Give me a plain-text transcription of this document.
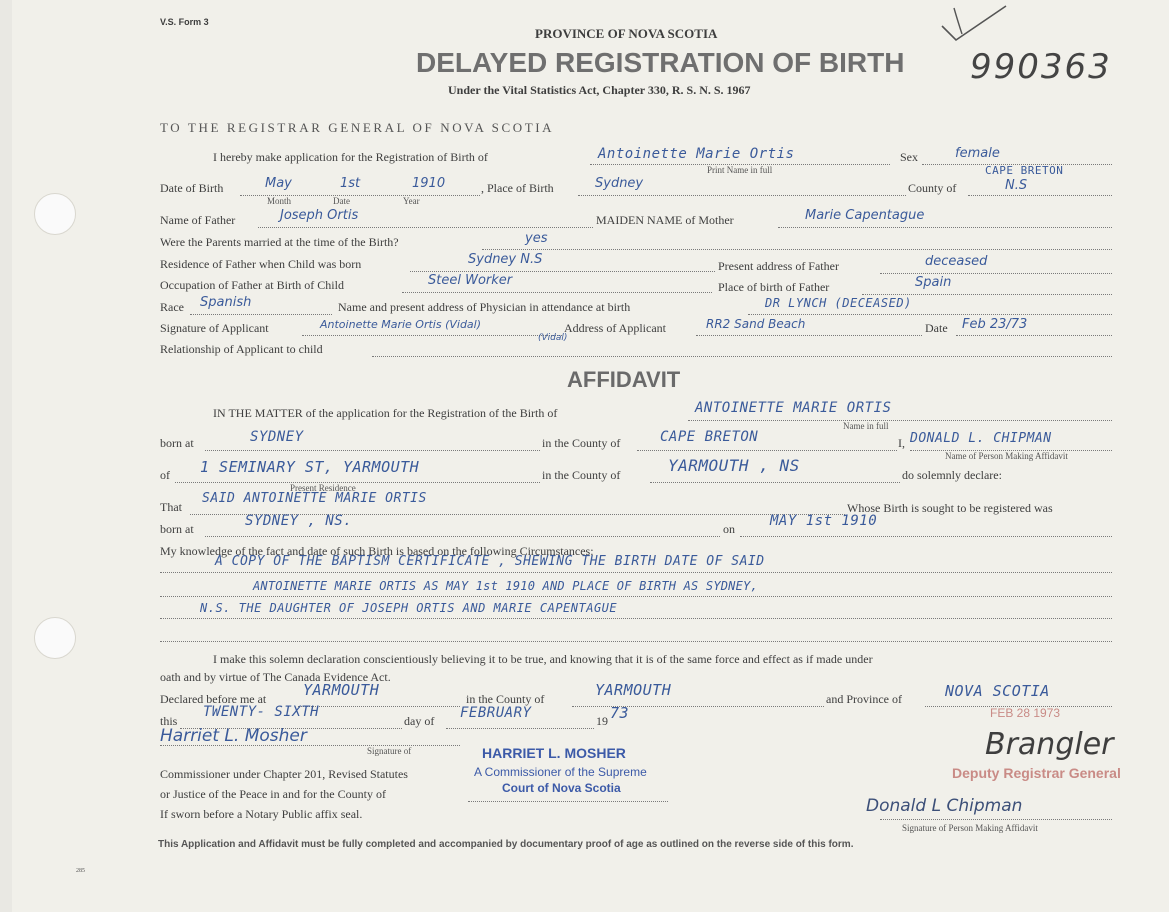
V.S. Form 3
PROVINCE OF NOVA SCOTIA
DELAYED REGISTRATION OF BIRTH
Under the Vital Statistics Act, Chapter 330, R. S. N. S. 1967
990363
TO THE REGISTRAR GENERAL OF NOVA SCOTIA
I hereby make application for the Registration of Birth of	Antoinette Marie Ortis
Print Name in full
Sex	female
Date of Birth	May	1st	1910
Month	Date	Year
, Place of Birth	Sydney	County of
CAPE BRETON
N.S
Name of Father	Joseph Ortis	MAIDEN NAME of Mother	Marie Capentague
Were the Parents married at the time of the Birth?	yes
Residence of Father when Child was born	Sydney N.S	Present address of Father	deceased
Occupation of Father at Birth of Child	Steel Worker	Place of birth of Father	Spain
Race Spanish	Name and present address of Physician in attendance at birth	DR LYNCH (DECEASED)
Signature of Applicant	Antoinette Marie Ortis (Vidal)
(Vidal)
Address of Applicant	RR2 Sand Beach	Date Feb 23/73
Relationship of Applicant to child
AFFIDAVIT
IN THE MATTER of the application for the Registration of the Birth of	ANTOINETTE MARIE ORTIS
Name in full
born at	SYDNEY	in the County of	CAPE BRETON	I, DONALD L. CHIPMAN
Name of Person Making Affidavit
of 1 SEMINARY ST, YARMOUTH
Present Residence
in the County of	YARMOUTH , NS	do solemnly declare:
That
SAID ANTOINETTE MARIE ORTIS
Whose Birth is sought to be registered was
born at	SYDNEY , NS.	on	MAY 1st 1910
My knowledge of the fact and date of such Birth is based on the following Circumstances:
A COPY OF THE BAPTISM CERTIFICATE , SHEWING THE BIRTH DATE OF SAID
ANTOINETTE MARIE ORTIS AS MAY 1st 1910 AND PLACE OF BIRTH AS SYDNEY,
N.S. THE DAUGHTER OF JOSEPH ORTIS AND MARIE CAPENTAGUE
I make this solemn declaration conscientiously believing it to be true, and knowing that it is of the same force and effect as if made under
oath and by virtue of The Canada Evidence Act.
Declared before me at YARMOUTH	in the County of	YARMOUTH	and Province of	NOVA SCOTIA
this
TWENTY- SIXTH
day of FEBRUARY	19 73
Harriet L. Mosher
Signature of	HARRIET L. MOSHER
Commissioner under Chapter 201, Revised Statutes	A Commissioner of the Supreme
or Justice of the Peace in and for the County of	Court of Nova Scotia
If sworn before a Notary Public affix seal.
FEB 28 1973
Brangler
Deputy Registrar General
Donald L Chipman
Signature of Person Making Affidavit
This Application and Affidavit must be fully completed and accompanied by documentary proof of age as outlined on the reverse side of this form.
285
